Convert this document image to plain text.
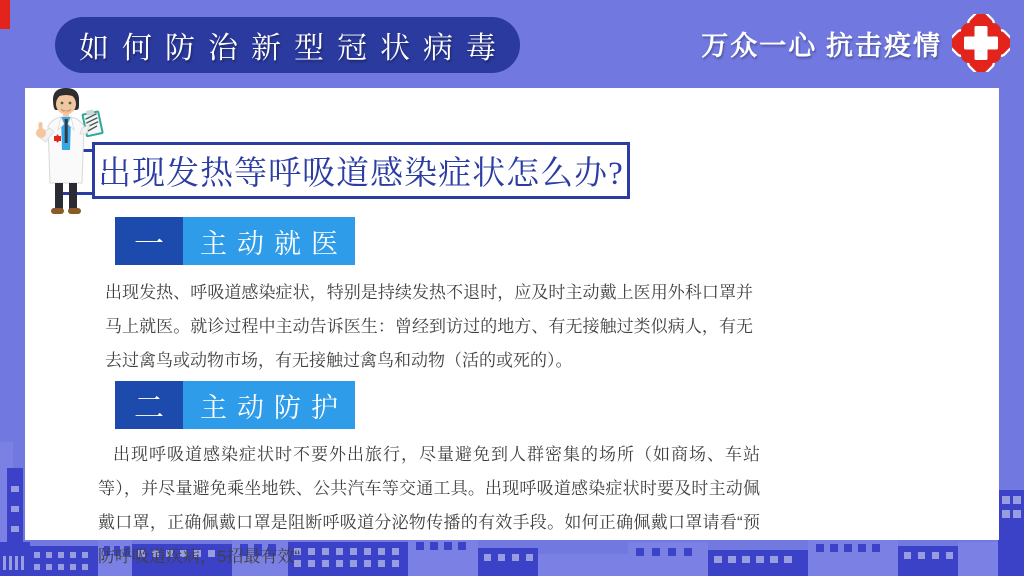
如何防治新型冠状病毒	万众一心 抗击疫情
出现发热等呼吸道感染症状怎么办?
一	主动就医
出现发热、呼吸道感染症状，特别是持续发热不退时，应及时主动戴上医用外科口罩并马上就医。就诊过程中主动告诉医生：曾经到访过的地方、有无接触过类似病人，有无去过禽鸟或动物市场，有无接触过禽鸟和动物（活的或死的）。
二	主动防护
出现呼吸道感染症状时不要外出旅行，尽量避免到人群密集的场所（如商场、车站等），并尽量避免乘坐地铁、公共汽车等交通工具。出现呼吸道感染症状时要及时主动佩戴口罩，正确佩戴口罩是阻断呼吸道分泌物传播的有效手段。如何正确佩戴口罩请看“预防呼吸道疾病，5招最有效“
